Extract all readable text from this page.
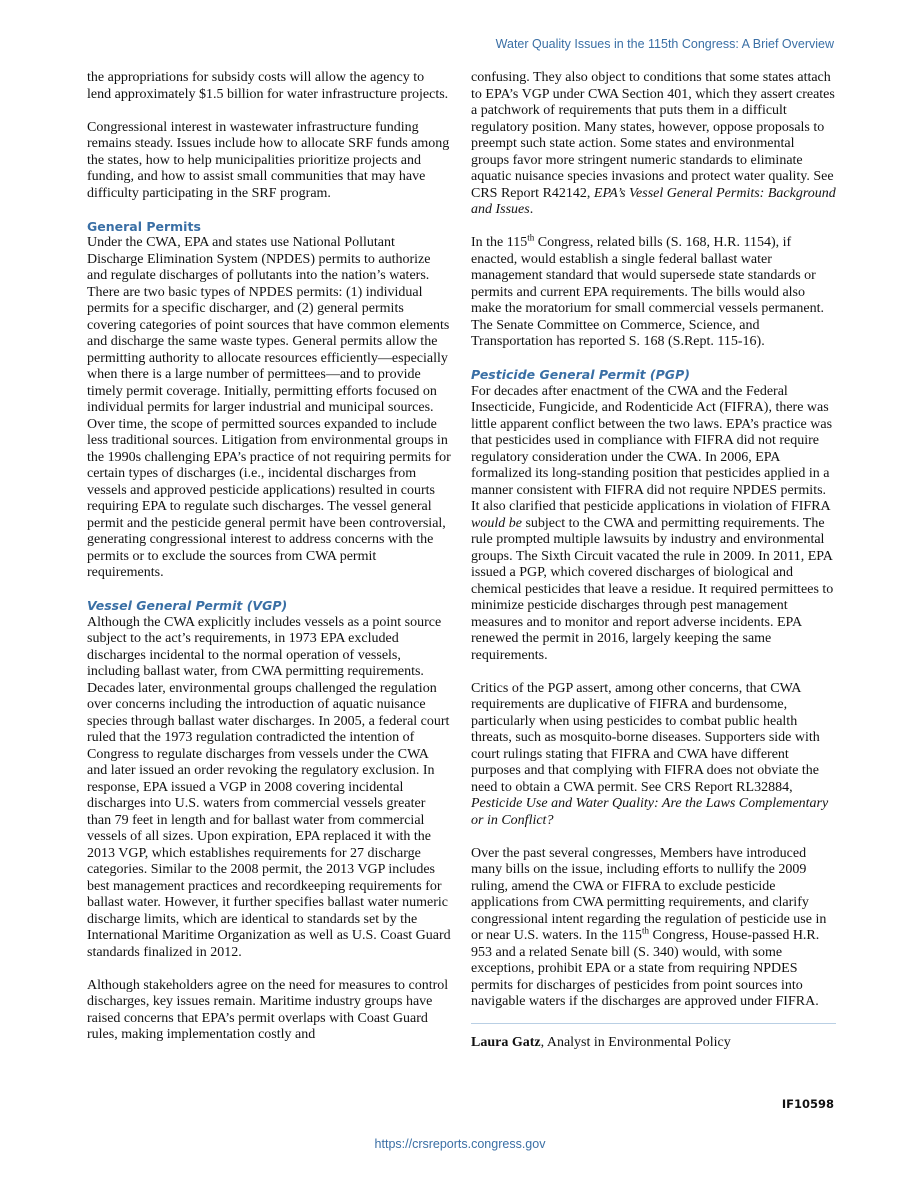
Water Quality Issues in the 115th Congress: A Brief Overview

the appropriations for subsidy costs will allow the agency to lend approximately $1.5 billion for water infrastructure projects.

Congressional interest in wastewater infrastructure funding remains steady. Issues include how to allocate SRF funds among the states, how to help municipalities prioritize projects and funding, and how to assist small communities that may have difficulty participating in the SRF program.

General Permits

Under the CWA, EPA and states use National Pollutant Discharge Elimination System (NPDES) permits to authorize and regulate discharges of pollutants into the nation’s waters. There are two basic types of NPDES permits: (1) individual permits for a specific discharger, and (2) general permits covering categories of point sources that have common elements and discharge the same waste types. General permits allow the permitting authority to allocate resources efficiently—especially when there is a large number of permittees—and to provide timely permit coverage. Initially, permitting efforts focused on individual permits for larger industrial and municipal sources. Over time, the scope of permitted sources expanded to include less traditional sources. Litigation from environmental groups in the 1990s challenging EPA’s practice of not requiring permits for certain types of discharges (i.e., incidental discharges from vessels and approved pesticide applications) resulted in courts requiring EPA to regulate such discharges. The vessel general permit and the pesticide general permit have been controversial, generating congressional interest to address concerns with the permits or to exclude the sources from CWA permit requirements.

Vessel General Permit (VGP)

Although the CWA explicitly includes vessels as a point source subject to the act’s requirements, in 1973 EPA excluded discharges incidental to the normal operation of vessels, including ballast water, from CWA permitting requirements. Decades later, environmental groups challenged the regulation over concerns including the introduction of aquatic nuisance species through ballast water discharges. In 2005, a federal court ruled that the 1973 regulation contradicted the intention of Congress to regulate discharges from vessels under the CWA and later issued an order revoking the regulatory exclusion. In response, EPA issued a VGP in 2008 covering incidental discharges into U.S. waters from commercial vessels greater than 79 feet in length and for ballast water from commercial vessels of all sizes. Upon expiration, EPA replaced it with the 2013 VGP, which establishes requirements for 27 discharge categories. Similar to the 2008 permit, the 2013 VGP includes best management practices and recordkeeping requirements for ballast water. However, it further specifies ballast water numeric discharge limits, which are identical to standards set by the International Maritime Organization as well as U.S. Coast Guard standards finalized in 2012.

Although stakeholders agree on the need for measures to control discharges, key issues remain. Maritime industry groups have raised concerns that EPA’s permit overlaps with Coast Guard rules, making implementation costly and

confusing. They also object to conditions that some states attach to EPA’s VGP under CWA Section 401, which they assert creates a patchwork of requirements that puts them in a difficult regulatory position. Many states, however, oppose proposals to preempt such state action. Some states and environmental groups favor more stringent numeric standards to eliminate aquatic nuisance species invasions and protect water quality. See CRS Report R42142, EPA’s Vessel General Permits: Background and Issues.

In the 115th Congress, related bills (S. 168, H.R. 1154), if enacted, would establish a single federal ballast water management standard that would supersede state standards or permits and current EPA requirements. The bills would also make the moratorium for small commercial vessels permanent. The Senate Committee on Commerce, Science, and Transportation has reported S. 168 (S.Rept. 115-16).

Pesticide General Permit (PGP)

For decades after enactment of the CWA and the Federal Insecticide, Fungicide, and Rodenticide Act (FIFRA), there was little apparent conflict between the two laws. EPA’s practice was that pesticides used in compliance with FIFRA did not require regulatory consideration under the CWA. In 2006, EPA formalized its long-standing position that pesticides applied in a manner consistent with FIFRA did not require NPDES permits. It also clarified that pesticide applications in violation of FIFRA would be subject to the CWA and permitting requirements. The rule prompted multiple lawsuits by industry and environmental groups. The Sixth Circuit vacated the rule in 2009. In 2011, EPA issued a PGP, which covered discharges of biological and chemical pesticides that leave a residue. It required permittees to minimize pesticide discharges through pest management measures and to monitor and report adverse incidents. EPA renewed the permit in 2016, largely keeping the same requirements.

Critics of the PGP assert, among other concerns, that CWA requirements are duplicative of FIFRA and burdensome, particularly when using pesticides to combat public health threats, such as mosquito-borne diseases. Supporters side with court rulings stating that FIFRA and CWA have different purposes and that complying with FIFRA does not obviate the need to obtain a CWA permit. See CRS Report RL32884, Pesticide Use and Water Quality: Are the Laws Complementary or in Conflict?

Over the past several congresses, Members have introduced many bills on the issue, including efforts to nullify the 2009 ruling, amend the CWA or FIFRA to exclude pesticide applications from CWA permitting requirements, and clarify congressional intent regarding the regulation of pesticide use in or near U.S. waters. In the 115th Congress, House-passed H.R. 953 and a related Senate bill (S. 340) would, with some exceptions, prohibit EPA or a state from requiring NPDES permits for discharges of pesticides from point sources into navigable waters if the discharges are approved under FIFRA.

Laura Gatz, Analyst in Environmental Policy

IF10598
https://crsreports.congress.gov
